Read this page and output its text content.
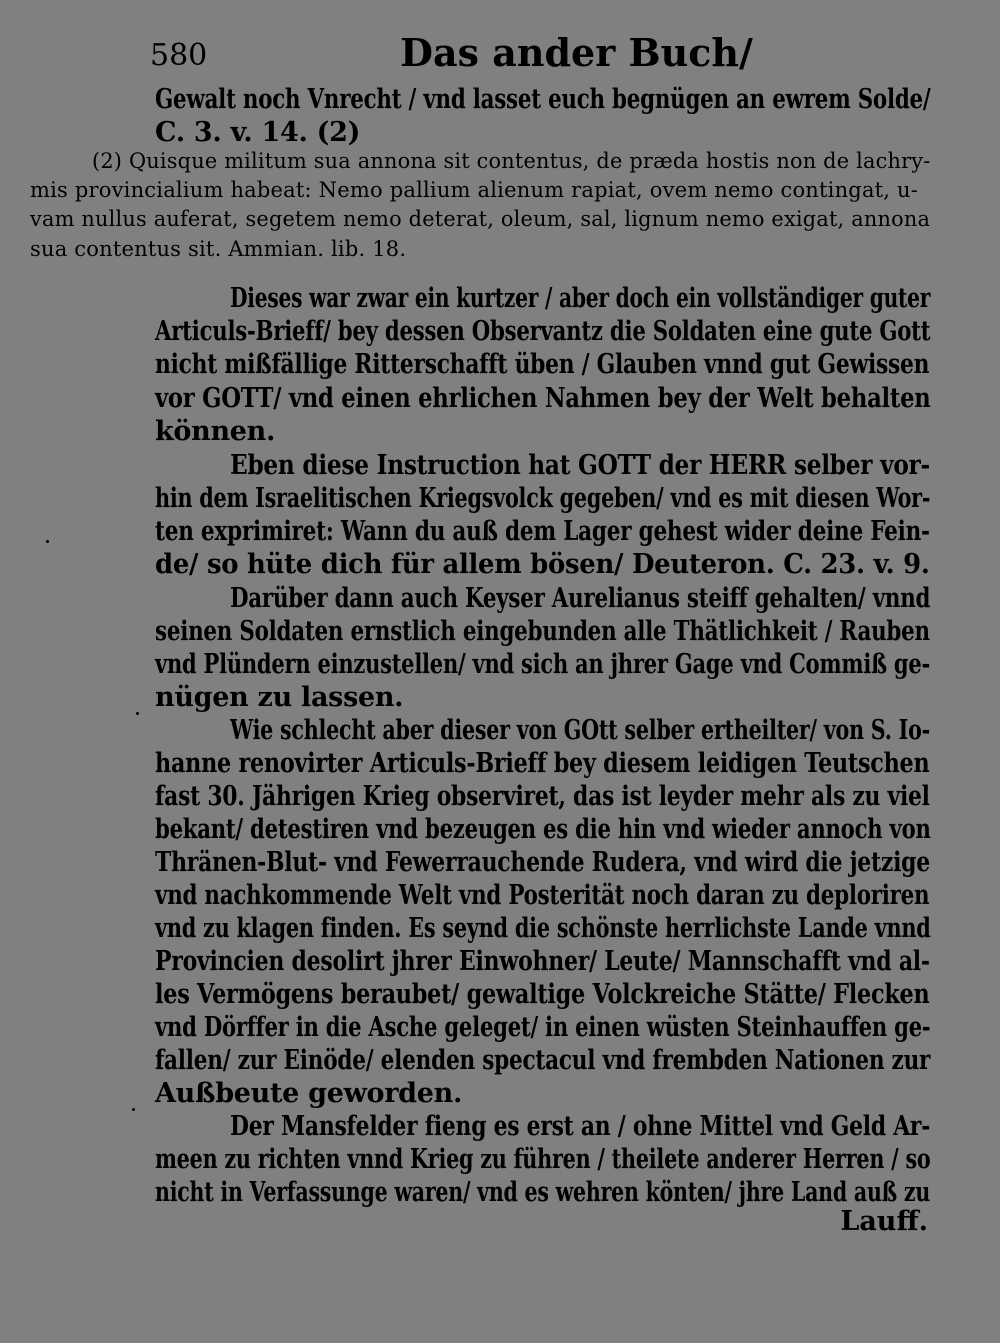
580	Das ander Buch/
Gewalt noch Vnrecht / vnd lasset euch begnügen an ewrem Solde/
C. 3. v. 14. (2)
(2) Quisque militum sua annona sit contentus, de præda hostis non de lachry-
mis provincialium habeat: Nemo pallium alienum rapiat, ovem nemo contingat, u-
vam nullus auferat, segetem nemo deterat, oleum, sal, lignum nemo exigat, annona
sua contentus sit. Ammian. lib. 18.
Dieses war zwar ein kurtzer / aber doch ein vollständiger guter
Articuls-Brieff/ bey dessen Observantz die Soldaten eine gute Gott
nicht mißfällige Ritterschafft üben / Glauben vnnd gut Gewissen
vor GOTT/ vnd einen ehrlichen Nahmen bey der Welt behalten
können.
Eben diese Instruction hat GOTT der HERR selber vor-
hin dem Israelitischen Kriegsvolck gegeben/ vnd es mit diesen Wor-
ten exprimiret: Wann du auß dem Lager gehest wider deine Fein-
de/ so hüte dich für allem bösen/ Deuteron. C. 23. v. 9.
Darüber dann auch Keyser Aurelianus steiff gehalten/ vnnd
seinen Soldaten ernstlich eingebunden alle Thätlichkeit / Rauben
vnd Plündern einzustellen/ vnd sich an jhrer Gage vnd Commiß ge-
nügen zu lassen.
Wie schlecht aber dieser von GOtt selber ertheilter/ von S. Io-
hanne renovirter Articuls-Brieff bey diesem leidigen Teutschen
fast 30. Jährigen Krieg observiret, das ist leyder mehr als zu viel
bekant/ detestiren vnd bezeugen es die hin vnd wieder annoch von
Thränen-Blut- vnd Fewerrauchende Rudera, vnd wird die jetzige
vnd nachkommende Welt vnd Posterität noch daran zu deploriren
vnd zu klagen finden. Es seynd die schönste herrlichste Lande vnnd
Provincien desolirt jhrer Einwohner/ Leute/ Mannschafft vnd al-
les Vermögens beraubet/ gewaltige Volckreiche Stätte/ Flecken
vnd Dörffer in die Asche geleget/ in einen wüsten Steinhauffen ge-
fallen/ zur Einöde/ elenden spectacul vnd frembden Nationen zur
Außbeute geworden.
Der Mansfelder fieng es erst an / ohne Mittel vnd Geld Ar-
meen zu richten vnnd Krieg zu führen / theilete anderer Herren / so
nicht in Verfassunge waren/ vnd es wehren könten/ jhre Land auß zu
Lauff.
